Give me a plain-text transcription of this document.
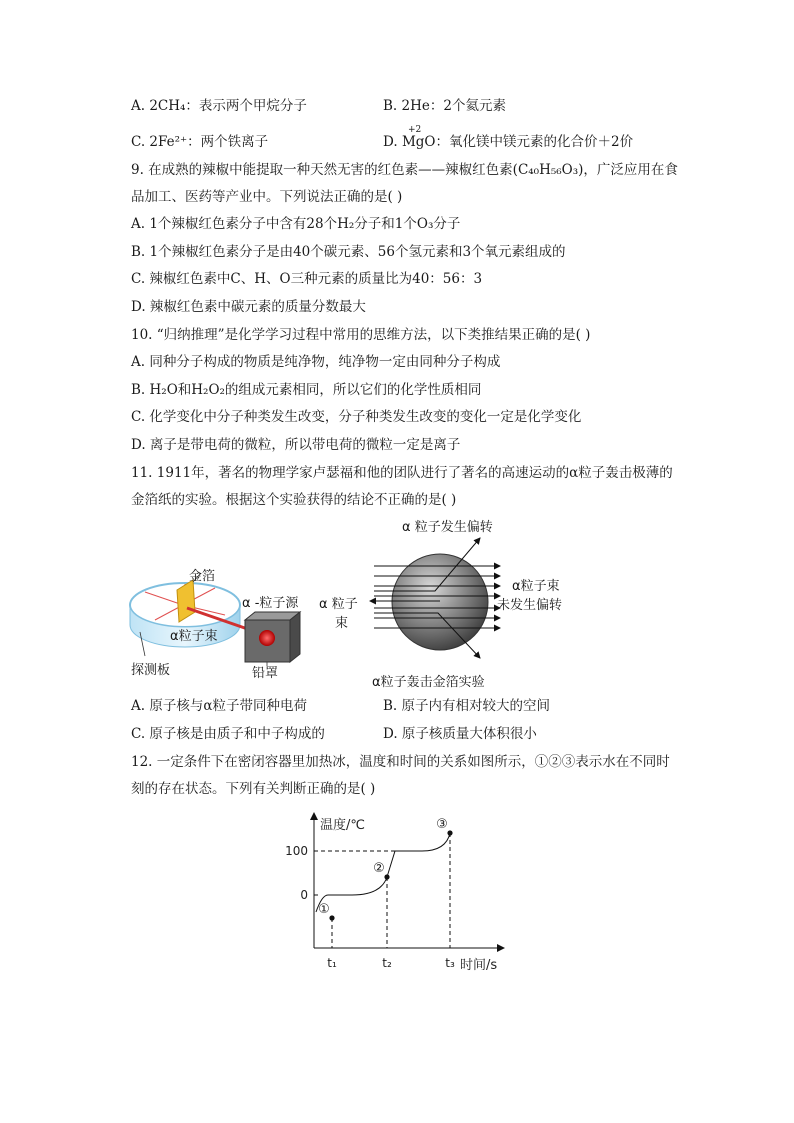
A. 2CH₄：表示两个甲烷分子	B. 2He：2个氦元素
C. 2Fe²⁺：两个铁离子	D.
+2
MgO：氧化镁中镁元素的化合价＋2价
9. 在成熟的辣椒中能提取一种天然无害的红色素——辣椒红色素(C₄₀H₅₆O₃)，广泛应用在食
品加工、医药等产业中。下列说法正确的是( )
A. 1个辣椒红色素分子中含有28个H₂分子和1个O₃分子
B. 1个辣椒红色素分子是由40个碳元素、56个氢元素和3个氧元素组成的
C. 辣椒红色素中C、H、O三种元素的质量比为40：56：3
D. 辣椒红色素中碳元素的质量分数最大
10. “归纳推理”是化学学习过程中常用的思维方法，以下类推结果正确的是( )
A. 同种分子构成的物质是纯净物，纯净物一定由同种分子构成
B. H₂O和H₂O₂的组成元素相同，所以它们的化学性质相同
C. 化学变化中分子种类发生改变，分子种类发生改变的变化一定是化学变化
D. 离子是带电荷的微粒，所以带电荷的微粒一定是离子
11. 1911年，著名的物理学家卢瑟福和他的团队进行了著名的高速运动的α粒子轰击极薄的
金箔纸的实验。根据这个实验获得的结论不正确的是( )
金箔
α -粒子源
α粒子束
探测板	铅罩
α 粒子发生偏转
α 粒子
束
α粒子束
未发生偏转
α粒子轰击金箔实验
A. 原子核与α粒子带同种电荷	B. 原子内有相对较大的空间
C. 原子核是由质子和中子构成的	D. 原子核质量大体积很小
12. 一定条件下在密闭容器里加热冰，温度和时间的关系如图所示，①②③表示水在不同时
刻的存在状态。下列有关判断正确的是( )
温度/℃
时间/s
0
100
t₁	t₂	t₃
①
②
③
